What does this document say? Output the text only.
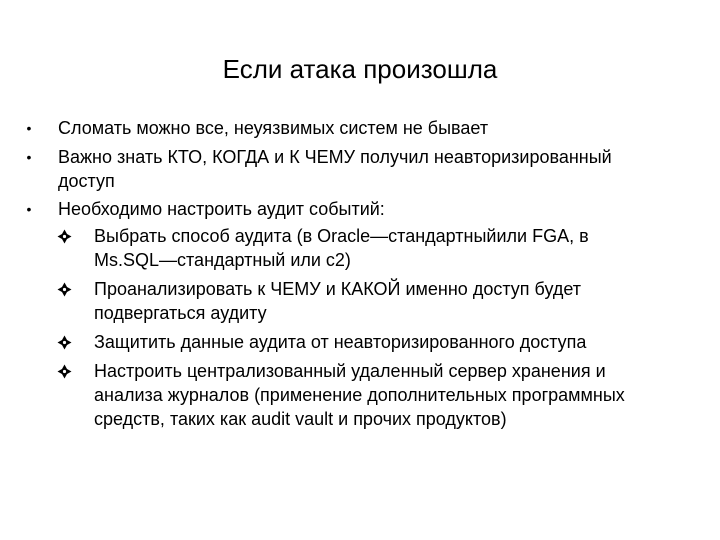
Если атака произошла
• Сломать можно все, неуязвимых систем не бывает
• Важно знать КТО, КОГДА и К ЧЕМУ получил неавторизированный
доступ
• Необходимо настроить аудит событий:
Выбрать способ аудита (в Oracle—стандартныйили FGA, в
Ms.SQL—стандартный или с2)
Проанализировать к ЧЕМУ и КАКОЙ именно доступ будет
подвергаться аудиту
Защитить данные аудита от неавторизированного доступа
Настроить централизованный удаленный сервер хранения и
анализа журналов (применение дополнительных программных
средств, таких как audit vault и прочих продуктов)
